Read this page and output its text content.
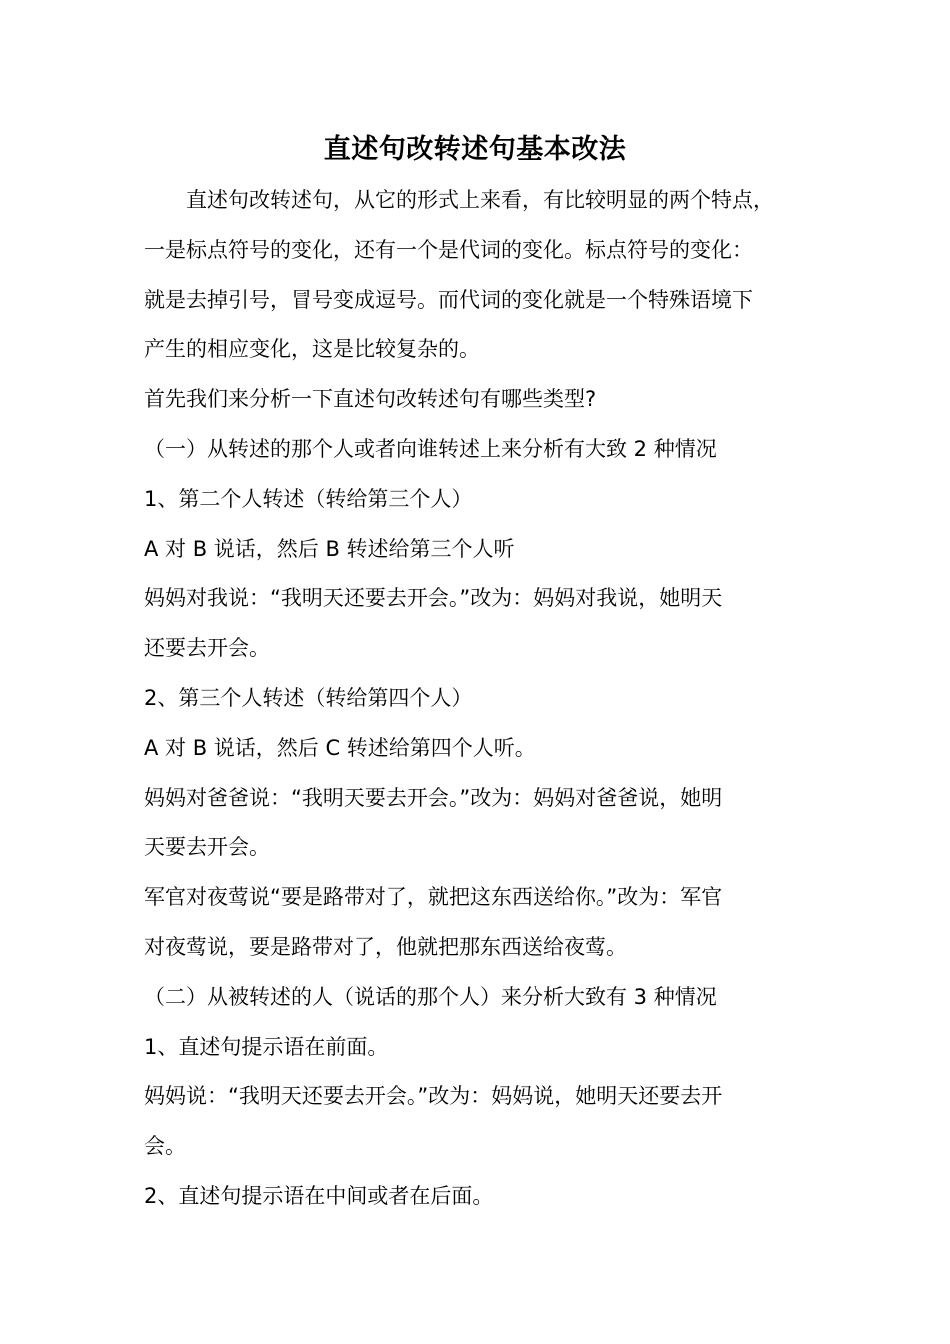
直述句改转述句基本改法
　　直述句改转述句，从它的形式上来看，有比较明显的两个特点，
一是标点符号的变化，还有一个是代词的变化。标点符号的变化：
就是去掉引号，冒号变成逗号。而代词的变化就是一个特殊语境下
产生的相应变化，这是比较复杂的。
首先我们来分析一下直述句改转述句有哪些类型?
（一）从转述的那个人或者向谁转述上来分析有大致 2 种情况
1、第二个人转述（转给第三个人）
A 对 B 说话，然后 B 转述给第三个人听
妈妈对我说：“我明天还要去开会。”改为：妈妈对我说，她明天
还要去开会。
2、第三个人转述（转给第四个人）
A 对 B 说话，然后 C 转述给第四个人听。
妈妈对爸爸说：“我明天要去开会。”改为：妈妈对爸爸说，她明
天要去开会。
军官对夜莺说“要是路带对了，就把这东西送给你。”改为：军官
对夜莺说，要是路带对了，他就把那东西送给夜莺。
（二）从被转述的人（说话的那个人）来分析大致有 3 种情况
1、直述句提示语在前面。
妈妈说：“我明天还要去开会。”改为：妈妈说，她明天还要去开
会。
2、直述句提示语在中间或者在后面。
